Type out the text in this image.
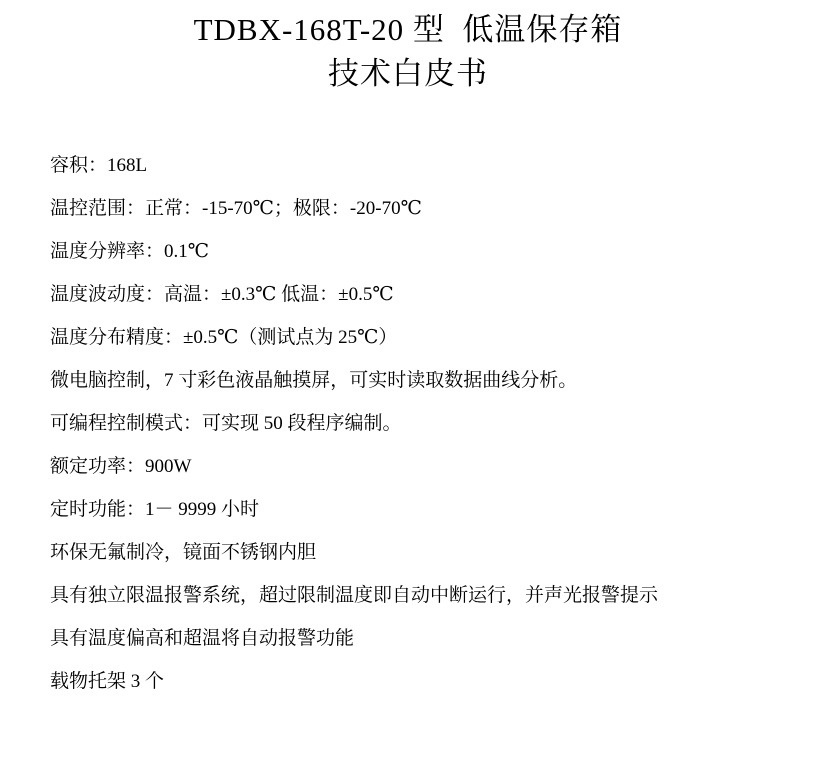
TDBX-168T-20 型  低温保存箱
技术白皮书
容积：168L
温控范围：正常：-15-70℃；极限：-20-70℃
温度分辨率：0.1℃
温度波动度：高温：±0.3℃ 低温：±0.5℃
温度分布精度：±0.5℃（测试点为 25℃）
微电脑控制，7 寸彩色液晶触摸屏，可实时读取数据曲线分析。
可编程控制模式：可实现 50 段程序编制。
额定功率：900W
定时功能：1－ 9999 小时
环保无氟制冷，镜面不锈钢内胆
具有独立限温报警系统，超过限制温度即自动中断运行，并声光报警提示
具有温度偏高和超温将自动报警功能
载物托架 3 个
